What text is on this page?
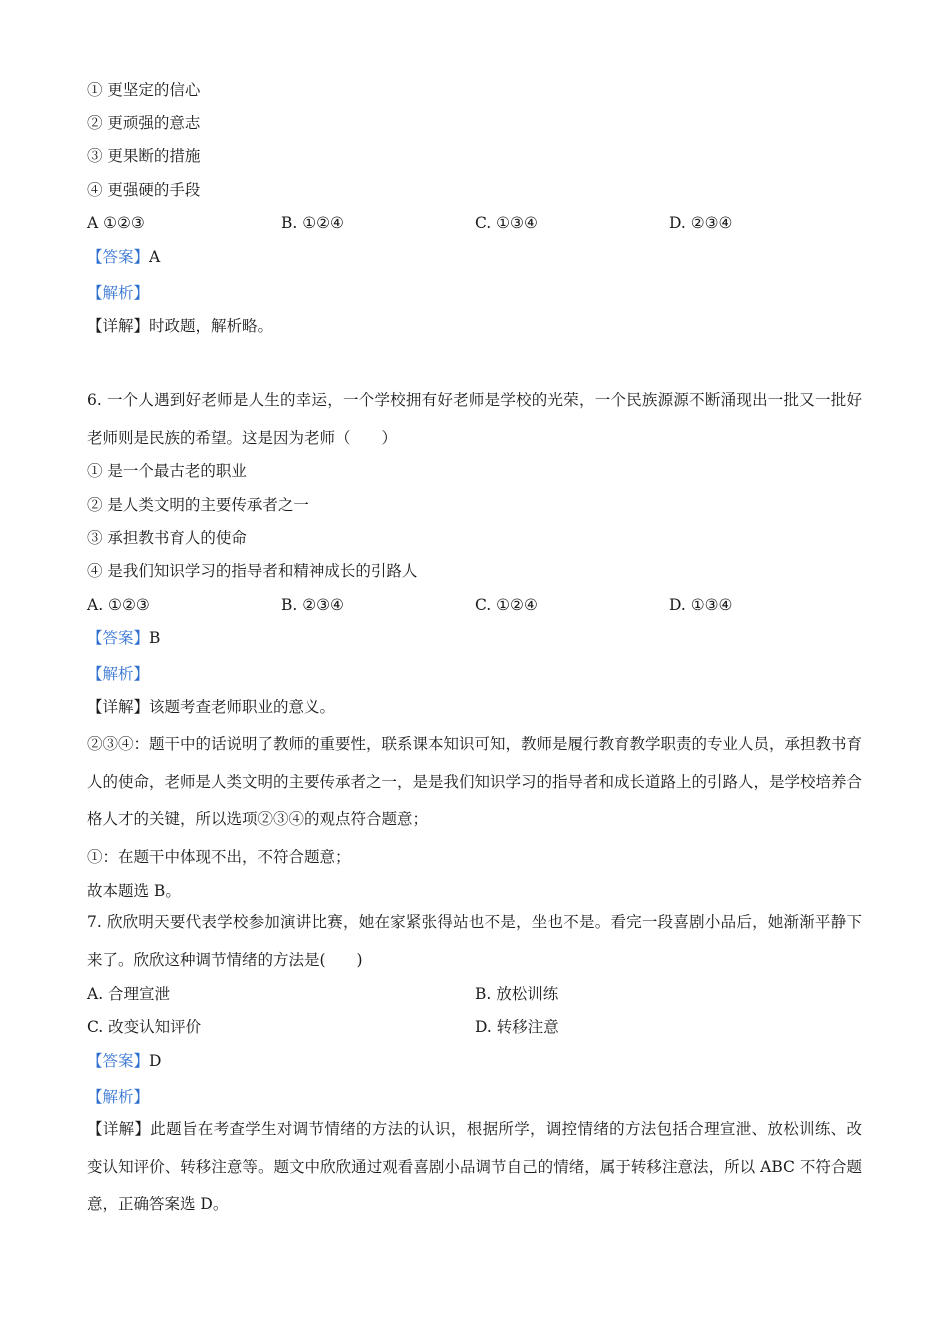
① 更坚定的信心
② 更顽强的意志
③ 更果断的措施
④ 更强硬的手段
A ①②③	B. ①②④	C. ①③④	D. ②③④
【答案】A
【解析】
【详解】时政题，解析略。
6. 一个人遇到好老师是人生的幸运，一个学校拥有好老师是学校的光荣，一个民族源源不断涌现出一批又一批好老师则是民族的希望。这是因为老师（　　）
① 是一个最古老的职业
② 是人类文明的主要传承者之一
③ 承担教书育人的使命
④ 是我们知识学习的指导者和精神成长的引路人
A. ①②③	B. ②③④	C. ①②④	D. ①③④
【答案】B
【解析】
【详解】该题考查老师职业的意义。
②③④：题干中的话说明了教师的重要性，联系课本知识可知，教师是履行教育教学职责的专业人员，承担教书育人的使命，老师是人类文明的主要传承者之一，是是我们知识学习的指导者和成长道路上的引路人，是学校培养合格人才的关键，所以选项②③④的观点符合题意；
①：在题干中体现不出，不符合题意；
故本题选 B。
7. 欣欣明天要代表学校参加演讲比赛，她在家紧张得站也不是，坐也不是。看完一段喜剧小品后，她渐渐平静下来了。欣欣这种调节情绪的方法是(　　)
A. 合理宣泄	B. 放松训练
C. 改变认知评价	D. 转移注意
【答案】D
【解析】
【详解】此题旨在考查学生对调节情绪的方法的认识，根据所学，调控情绪的方法包括合理宣泄、放松训练、改变认知评价、转移注意等。题文中欣欣通过观看喜剧小品调节自己的情绪，属于转移注意法，所以 ABC 不符合题意，正确答案选 D。
